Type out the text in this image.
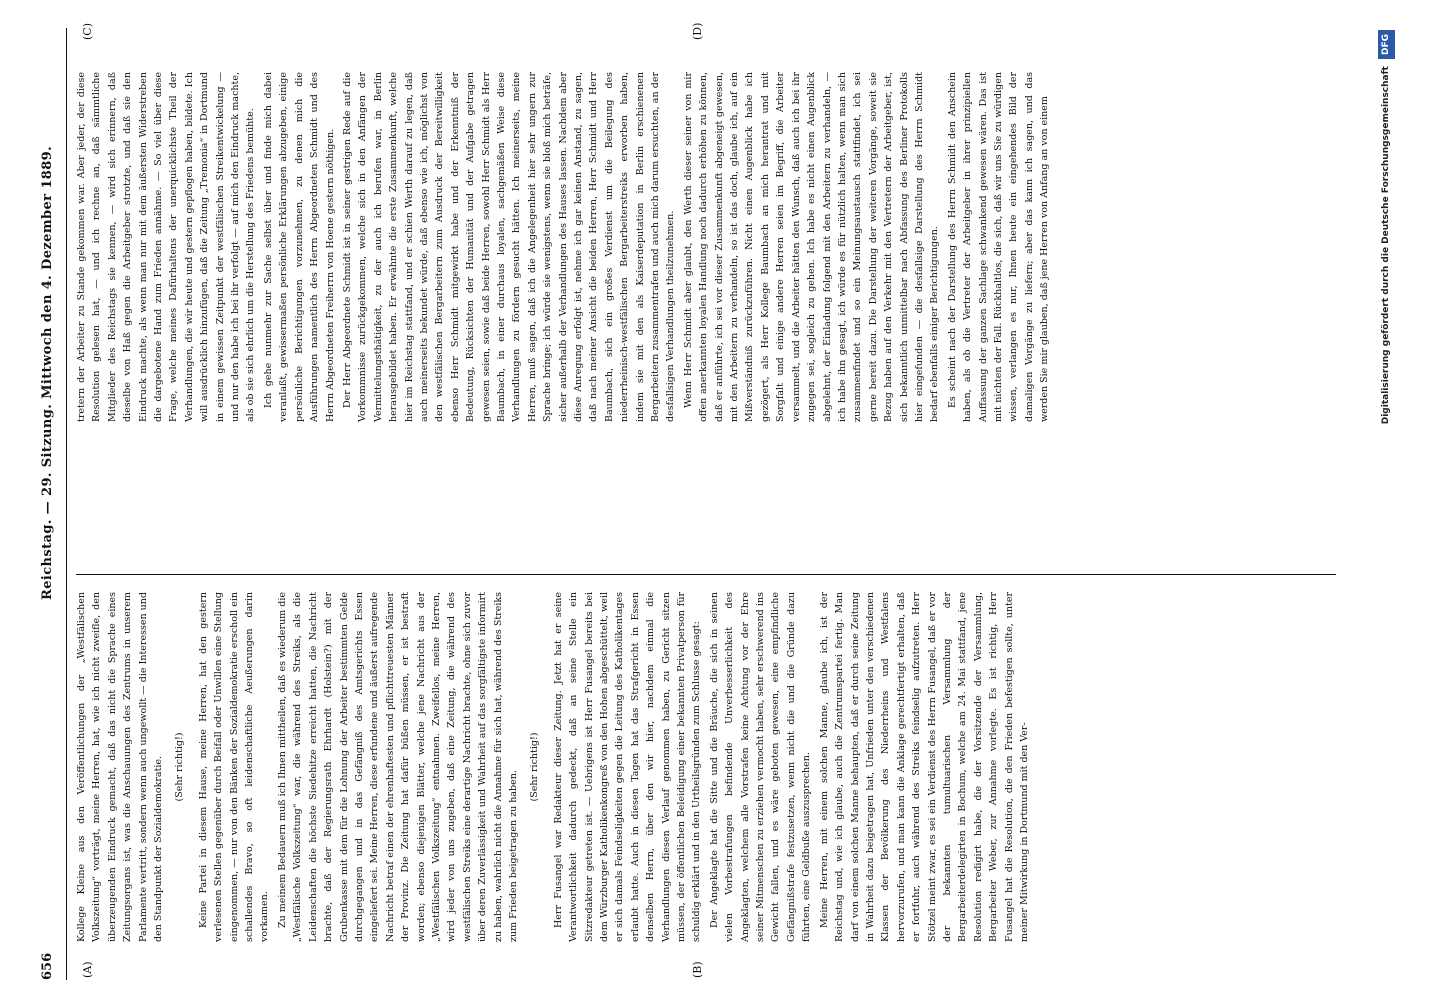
656
Reichstag. — 29. Sitzung. Mittwoch den 4. Dezember 1889.
(A)	(B)
(C)	(D)

Kollege Kleine aus den Veröffentlichungen der „Westfälischen Volkszeitung“ vorträgt, meine Herren, hat, wie ich nicht zweifle, den überzeugenden Eindruck gemacht, daß das nicht die Sprache eines Zeitungsorgans ist, was die Anschauungen des Zentrums in unserem Parlamente vertritt, sondern wenn auch ungewollt — die Interessen und den Standpunkt der Sozialdemokratie. (Sehr richtig!) Keine Partei in diesem Hause, meine Herren, hat den gestern verlesenen Stellen gegenüber durch Beifall oder Unwillen eine Stellung eingenommen, — nur von den Bänken der Sozialdemokratie erscholl ein schallendes Bravo, so oft leidenschaftliche Aeußerungen darin vorkamen. Zu meinem Bedauern muß ich Ihnen mittheilen, daß es wiederum die „Westfälische Volkszeitung“ war, die während des Streiks, als die Leidenschaften die höchste Siedehitze erreicht hatten, die Nachricht brachte, daß der Regierungsrath Ehrhardt (Holstein?) mit der Grubenkasse mit dem für die Lohnung der Arbeiter bestimmten Gelde durchgegangen und in das Gefängniß des Amtsgerichts Essen eingeliefert sei. Meine Herren, diese erfundene und äußerst aufregende Nachricht betraf einen der ehrenhaftesten und pflichttreuesten Männer der Provinz. Die Zeitung hat dafür büßen müssen, er ist bestraft worden; ebenso diejenigen Blätter, welche jene Nachricht aus der „Westfälischen Volkszeitung“ entnahmen. Zweifellos, meine Herren, wird jeder von uns zugeben, daß eine Zeitung, die während des westfälischen Streiks eine derartige Nachricht brachte, ohne sich zuvor über deren Zuverlässigkeit und Wahrheit auf das sorgfältigste informirt zu haben, wahrlich nicht die Annahme für sich hat, während des Streiks zum Frieden beigetragen zu haben.

(Sehr richtig!) Herr Fusangel war Redakteur dieser Zeitung. Jetzt hat er seine Verantwortlichkeit dadurch gedeckt, daß an seine Stelle ein Sitzredakteur getreten ist. — Uebrigens ist Herr Fusangel bereits bei dem Würzburger Katholikenkongreß von den Hohen abgeschüttelt, weil er sich damals Feindseligkeiten gegen die Leitung des Katholikentages erlaubt hatte. Auch in diesen Tagen hat das Strafgericht in Essen denselben Herrn, über den wir hier, nachdem einmal die Verhandlungen diesen Verlauf genommen haben, zu Gericht sitzen müssen, der öffentlichen Beleidigung einer bekannten Privatperson für schuldig erklärt und in den Urtheilsgründen zum Schlusse gesagt: Der Angeklagte hat die Sitte und die Bräuche, die sich in seinen vielen Vorbestrafungen befindende Unverbesserlichkeit des Angeklagten, welchem alle Vorstrafen keine Achtung vor der Ehre seiner Mitmenschen zu erziehen vermocht haben, sehr erschwerend ins Gewicht fallen, und es wäre geboten gewesen, eine empfindliche Gefängnißstrafe festzusetzen, wenn nicht die und die Gründe dazu führten, eine Geldbuße auszusprechen. Meine Herren, mit einem solchen Manne, glaube ich, ist der Reichstag und, wie ich glaube, auch die Zentrumspartei fertig. Man darf von einem solchen Manne behaupten, daß er durch seine Zeitung in Wahrheit dazu beigetragen hat, Unfrieden unter den verschiedenen Klassen der Bevölkerung des Niederrheins und Westfalens hervorzurufen, und man kann die Anklage gerechtfertigt erhalten, daß er fortfuhr, auch während des Streiks feindselig aufzutreten. Herr Stötzel meint zwar, es sei ein Verdienst des Herrn Fusangel, daß er vor der bekannten tumultuarischen Versammlung der Bergarbeiterdelegirten in Bochum, welche am 24. Mai stattfand, jene Resolution redigirt habe, die der Vorsitzende der Versammlung, Bergarbeiter Weber, zur Annahme vorlegte. Es ist richtig, Herr Fusangel hat die Resolution, die den Frieden befestigen sollte, unter meiner Mitwirkung in Dortmund mit den Ver-

tretern der Arbeiter zu Stande gekommen war. Aber jeder, der diese Resolution gelesen hat, — und ich rechne an, daß sämmtliche Mitglieder des Reichstags sie kennen, — wird sich erinnern, daß dieselbe von Haß gegen die Arbeitgeber strotzte, und daß sie den Eindruck machte, als wenn man nur mit dem äußersten Widerstreben die dargebotene Hand zum Frieden annähme. — So viel über diese Frage, welche meines Dafürhaltens der unerquicklichste Theil der Verhandlungen, die wir heute und gestern gepflogen haben, bildete. Ich will ausdrücklich hinzufügen, daß die Zeitung „Tremonia“ in Dortmund in einem gewissen Zeitpunkt der westfälischen Streikentwickelung — und nur den habe ich bei ihr verfolgt — auf mich den Eindruck machte, als ob sie sich ehrlich um die Herstellung des Friedens bemühte. Ich gehe nunmehr zur Sache selbst über und finde mich dabei veranlaßt, gewissermaßen persönliche Erklärungen abzugeben, einige persönliche Berichtigungen vorzunehmen, zu denen mich die Ausführungen namentlich des Herrn Abgeordneten Schmidt und des Herrn Abgeordneten Freiherrn von Hoene gestern nöthigen. Der Herr Abgeordnete Schmidt ist in seiner gestrigen Rede auf die Vorkommnisse zurückgekommen, welche sich in den Anfängen der Vermittelungsthätigkeit, zu der auch ich berufen war, in Berlin herausgebildet haben. Er erwähnte die erste Zusammenkunft, welche hier im Reichstag stattfand, und er schien Werth darauf zu legen, daß auch meinerseits bekundet würde, daß ebenso wie ich, möglichst von den westfälischen Bergarbeitern zum Ausdruck der Bereitwilligkeit ebenso Herr Schmidt mitgewirkt habe und der Erkenntniß der Bedeutung, Rücksichten der Humanität und der Aufgabe getragen gewesen seien, sowie daß beide Herren, sowohl Herr Schmidt als Herr Baumbach, in einer durchaus loyalen, sachgemäßen Weise diese Verhandlungen zu fördern gesucht hätten. Ich meinerseits, meine Herren, muß sagen, daß ich die Angelegenheit hier sehr ungern zur Sprache bringe; ich würde sie wenigstens, wenn sie bloß mich beträfe, sicher außerhalb der Verhandlungen des Hauses lassen. Nachdem aber diese Anregung erfolgt ist, nehme ich gar keinen Anstand, zu sagen, daß nach meiner Ansicht die beiden Herren, Herr Schmidt und Herr Baumbach, sich ein großes Verdienst um die Beilegung des niederrheinisch-westfälischen Bergarbeiterstreiks erworben haben, indem sie mit den als Kaiserdeputation in Berlin erschienenen Bergarbeitern zusammentrafen und auch mich darum ersuchten, an der desfallsigen Verhandlungen theilzunehmen. Wenn Herr Schmidt aber glaubt, den Werth dieser seiner von mir offen anerkannten loyalen Handlung noch dadurch erhöhen zu können, daß er anführte, ich sei vor dieser Zusammenkunft abgeneigt gewesen, mit den Arbeitern zu verhandeln, so ist das doch, glaube ich, auf ein Mißverständniß zurückzuführen. Nicht einen Augenblick habe ich gezögert, als Herr Kollege Baumbach an mich herantrat und mit Sorgfalt und einige andere Herren seien im Begriff, die Arbeiter versammelt, und die Arbeiter hätten den Wunsch, daß auch ich bei ihr zugegen sei, sogleich zu gehen. Ich habe es nicht einen Augenblick abgelehnt, der Einladung folgend mit den Arbeitern zu verhandeln, — ich habe ihn gesagt, ich würde es für nützlich halten, wenn man sich zusammenfindet und so ein Meinungsaustausch stattfindet, ich sei gerne bereit dazu. Die Darstellung der weiteren Vorgänge, soweit sie Bezug haben auf den Verkehr mit den Vertretern der Arbeitgeber, ist, sich bekanntlich unmittelbar nach Abfassung des Berliner Protokolls hier eingefunden — die desfallsige Darstellung des Herrn Schmidt bedarf ebenfalls einiger Berichtigungen. Es scheint nach der Darstellung des Herrn Schmidt den Anschein haben, als ob die Vertreter der Arbeitgeber in ihrer prinzipiellen Auffassung der ganzen Sachlage schwankend gewesen wären. Das ist mit nichten der Fall. Rückhaltlos, die sich, daß wir uns Sie zu würdigen wissen, verlangen es nur, Ihnen heute ein eingehendes Bild der damaligen Vorgänge zu liefern; aber das kann ich sagen, und das werden Sie mir glauben, daß jene Herren von Anfang an von einem	Digitalisierung gefördert durch die Deutsche Forschungsgemeinschaft DFG
